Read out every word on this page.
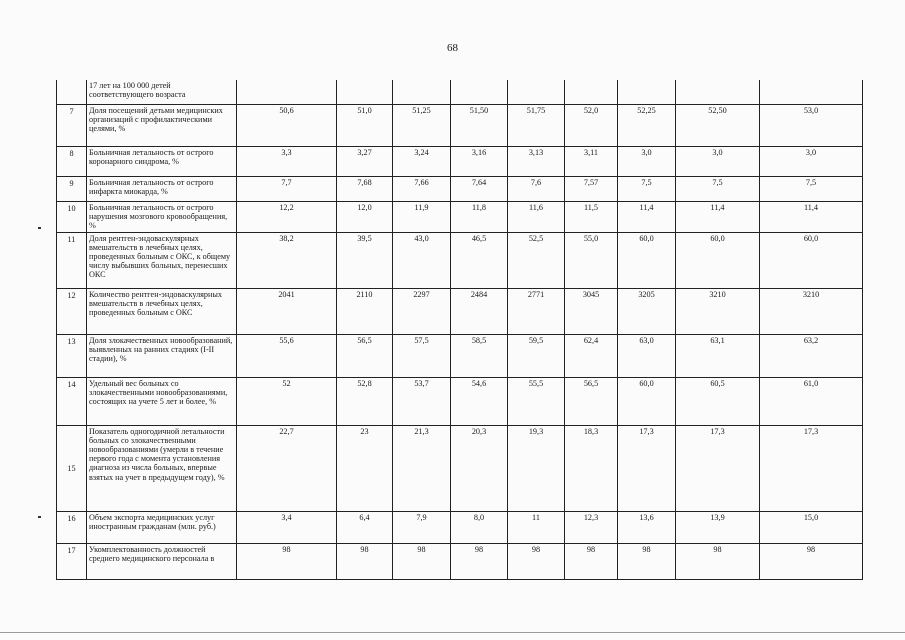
68
	17 лет на 100 000 детей соответствующего возраста									
7	Доля посещений детьми медицинских организаций с профилактическими целями, %	50,6	51,0	51,25	51,50	51,75	52,0	52,25	52,50	53,0
8	Больничная летальность от острого коронарного синдрома, %	3,3	3,27	3,24	3,16	3,13	3,11	3,0	3,0	3,0
9	Больничная летальность от острого инфаркта миокарда, %	7,7	7,68	7,66	7,64	7,6	7,57	7,5	7,5	7,5
10	Больничная летальность от острого нарушения мозгового кровообращения, %	12,2	12,0	11,9	11,8	11,6	11,5	11,4	11,4	11,4
11	Доля рентген-эндоваскулярных вмешательств в лечебных целях, проведенных больным с ОКС, к общему числу выбывших больных, перенесших ОКС	38,2	39,5	43,0	46,5	52,5	55,0	60,0	60,0	60,0
12	Количество рентген-эндоваскулярных вмешательств в лечебных целях, проведенных больным с ОКС	2041	2110	2297	2484	2771	3045	3205	3210	3210
13	Доля злокачественных новообразований, выявленных на ранних стадиях (I-II стадии), %	55,6	56,5	57,5	58,5	59,5	62,4	63,0	63,1	63,2
14	Удельный вес больных со злокачественными новообразованиями, состоящих на учете 5 лет и более, %	52	52,8	53,7	54,6	55,5	56,5	60,0	60,5	61,0
15	Показатель одногодичной летальности больных со злокачественными новообразованиями (умерли в течение первого года с момента установления диагноза из числа больных, впервые взятых на учет в предыдущем году), %	22,7	23	21,3	20,3	19,3	18,3	17,3	17,3	17,3
16	Объем экспорта медицинских услуг иностранным гражданам (млн. руб.)	3,4	6,4	7,9	8,0	11	12,3	13,6	13,9	15,0
17	Укомплектованность должностей среднего медицинского персонала в	98	98	98	98	98	98	98	98	98
